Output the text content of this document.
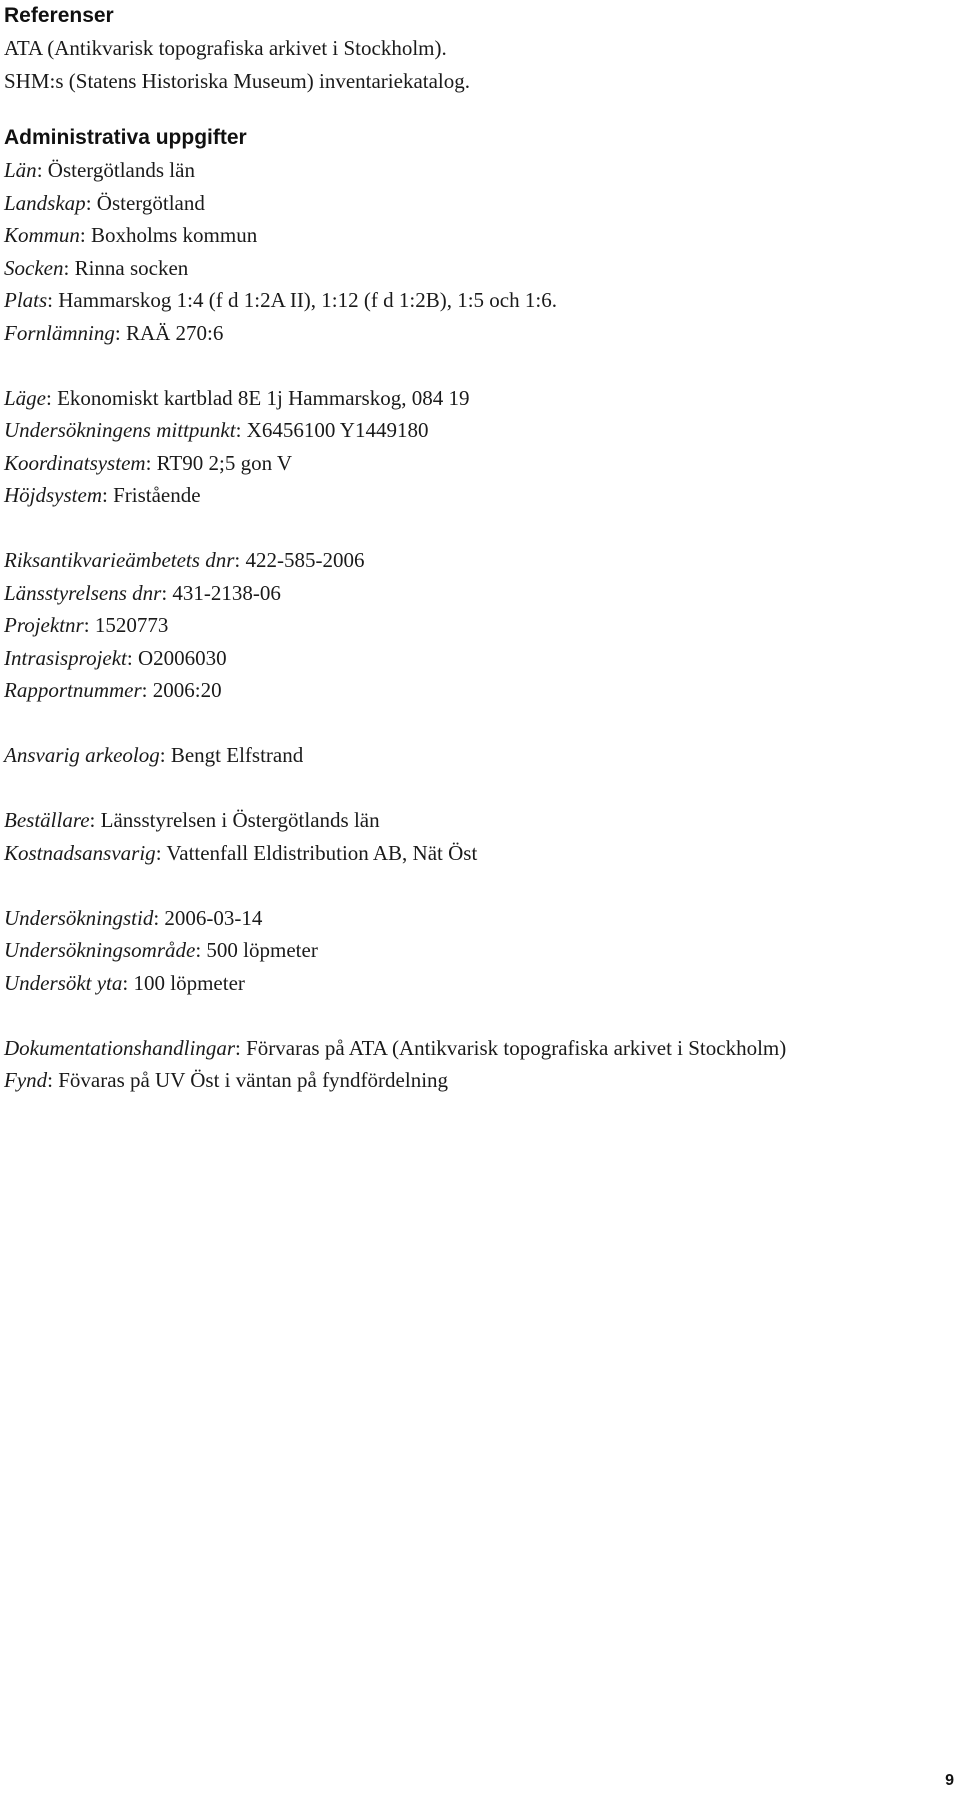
Referenser

ATA (Antikvarisk topografiska arkivet i Stockholm).

SHM:s (Statens Historiska Museum) inventariekatalog.

Administrativa uppgifter

Län: Östergötlands län

Landskap: Östergötland

Kommun: Boxholms kommun

Socken: Rinna socken

Plats: Hammarskog 1:4 (f d 1:2A II), 1:12 (f d 1:2B), 1:5 och 1:6.

Fornlämning: RAÄ 270:6

Läge: Ekonomiskt kartblad 8E 1j Hammarskog, 084 19

Undersökningens mittpunkt: X6456100 Y1449180

Koordinatsystem: RT90 2;5 gon V

Höjdsystem: Fristående

Riksantikvarieämbetets dnr: 422-585-2006

Länsstyrelsens dnr: 431-2138-06

Projektnr: 1520773

Intrasisprojekt: O2006030

Rapportnummer: 2006:20

Ansvarig arkeolog: Bengt Elfstrand

Beställare: Länsstyrelsen i Östergötlands län

Kostnadsansvarig: Vattenfall Eldistribution AB, Nät Öst

Undersökningstid: 2006-03-14

Undersökningsområde: 500 löpmeter

Undersökt yta: 100 löpmeter

Dokumentationshandlingar: Förvaras på ATA (Antikvarisk topografiska arkivet i Stockholm)

Fynd: Fövaras på UV Öst i väntan på fyndfördelning

9
